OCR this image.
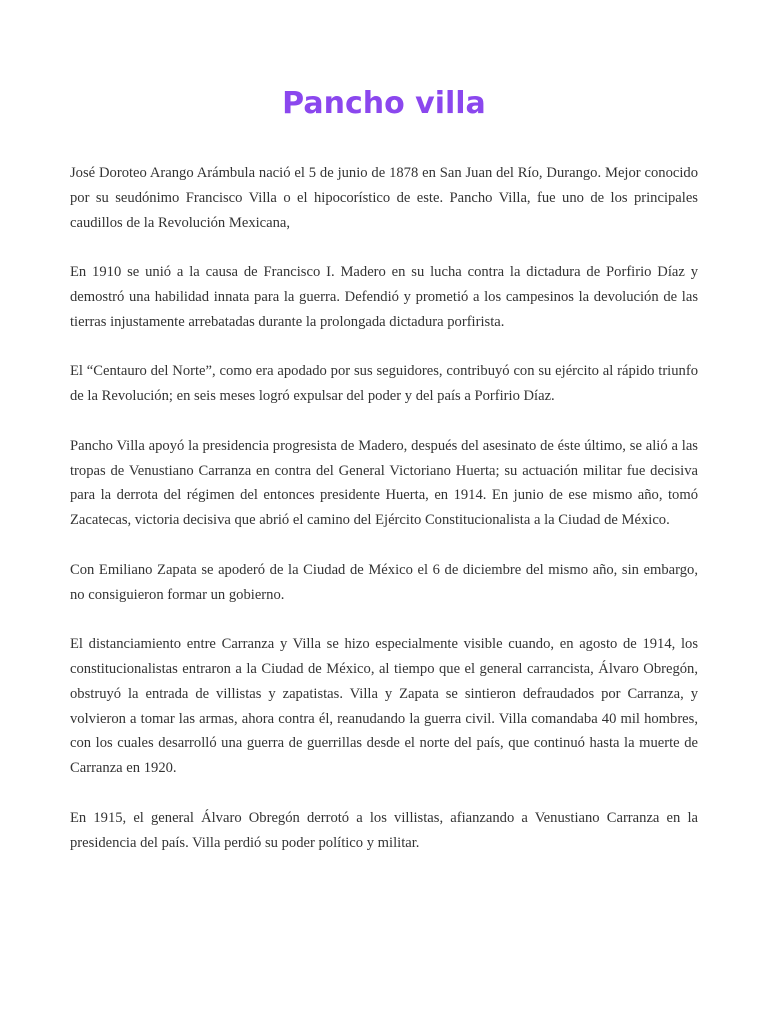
Pancho villa

José Doroteo Arango Arámbula nació el 5 de junio de 1878 en San Juan del Río, Durango. Mejor conocido por su seudónimo Francisco Villa o el hipocorístico de este. Pancho Villa, fue uno de los principales caudillos de la Revolución Mexicana,

En 1910 se unió a la causa de Francisco I. Madero en su lucha contra la dictadura de Porfirio Díaz y demostró una habilidad innata para la guerra. Defendió y prometió a los campesinos la devolución de las tierras injustamente arrebatadas durante la prolongada dictadura porfirista.

El “Centauro del Norte”, como era apodado por sus seguidores, contribuyó con su ejército al rápido triunfo de la Revolución; en seis meses logró expulsar del poder y del país a Porfirio Díaz.

Pancho Villa apoyó la presidencia progresista de Madero, después del asesinato de éste último, se alió a las tropas de Venustiano Carranza en contra del General Victoriano Huerta; su actuación militar fue decisiva para la derrota del régimen del entonces presidente Huerta, en 1914. En junio de ese mismo año, tomó Zacatecas, victoria decisiva que abrió el camino del Ejército Constitucionalista a la Ciudad de México.

Con Emiliano Zapata se apoderó de la Ciudad de México el 6 de diciembre del mismo año, sin embargo, no consiguieron formar un gobierno.

El distanciamiento entre Carranza y Villa se hizo especialmente visible cuando, en agosto de 1914, los constitucionalistas entraron a la Ciudad de México, al tiempo que el general carrancista, Álvaro Obregón, obstruyó la entrada de villistas y zapatistas. Villa y Zapata se sintieron defraudados por Carranza, y volvieron a tomar las armas, ahora contra él, reanudando la guerra civil. Villa comandaba 40 mil hombres, con los cuales desarrolló una guerra de guerrillas desde el norte del país, que continuó hasta la muerte de Carranza en 1920.

En 1915, el general Álvaro Obregón derrotó a los villistas, afianzando a Venustiano Carranza en la presidencia del país. Villa perdió su poder político y militar.
